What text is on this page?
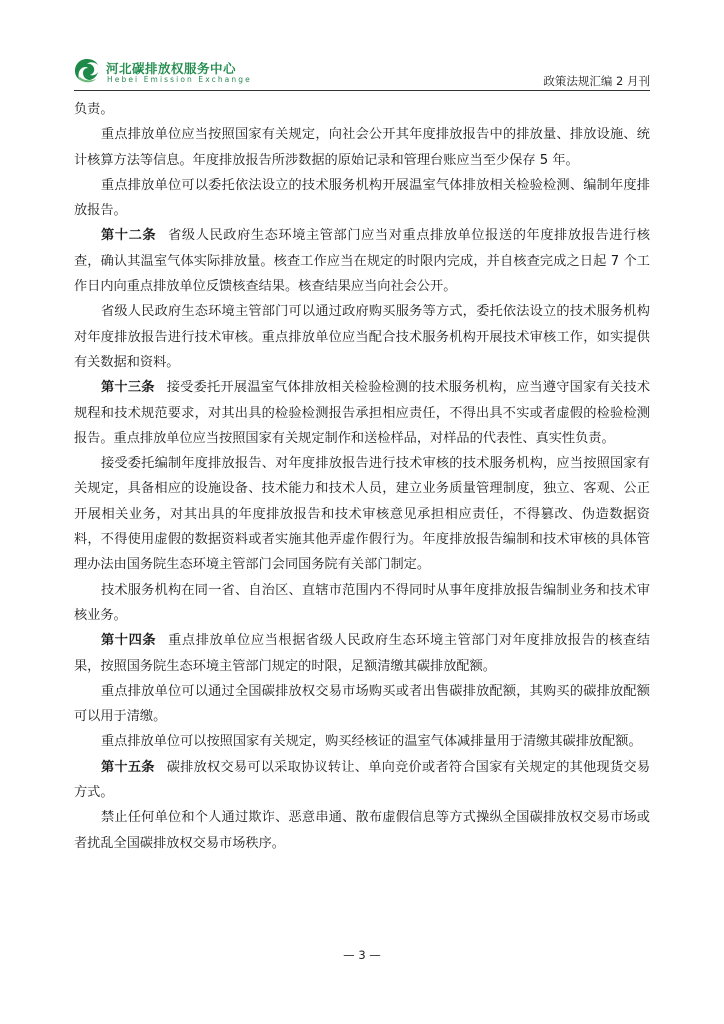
河北碳排放权服务中心
Hebei Emission Exchange	政策法规汇编 2 月刊

负责。

重点排放单位应当按照国家有关规定，向社会公开其年度排放报告中的排放量、排放设施、统计核算方法等信息。年度排放报告所涉数据的原始记录和管理台账应当至少保存 5 年。

重点排放单位可以委托依法设立的技术服务机构开展温室气体排放相关检验检测、编制年度排放报告。

第十二条 省级人民政府生态环境主管部门应当对重点排放单位报送的年度排放报告进行核查，确认其温室气体实际排放量。核查工作应当在规定的时限内完成，并自核查完成之日起 7 个工作日内向重点排放单位反馈核查结果。核查结果应当向社会公开。

省级人民政府生态环境主管部门可以通过政府购买服务等方式，委托依法设立的技术服务机构对年度排放报告进行技术审核。重点排放单位应当配合技术服务机构开展技术审核工作，如实提供有关数据和资料。

第十三条 接受委托开展温室气体排放相关检验检测的技术服务机构，应当遵守国家有关技术规程和技术规范要求，对其出具的检验检测报告承担相应责任，不得出具不实或者虚假的检验检测报告。重点排放单位应当按照国家有关规定制作和送检样品，对样品的代表性、真实性负责。

接受委托编制年度排放报告、对年度排放报告进行技术审核的技术服务机构，应当按照国家有关规定，具备相应的设施设备、技术能力和技术人员，建立业务质量管理制度，独立、客观、公正开展相关业务，对其出具的年度排放报告和技术审核意见承担相应责任，不得篡改、伪造数据资料，不得使用虚假的数据资料或者实施其他弄虚作假行为。年度排放报告编制和技术审核的具体管理办法由国务院生态环境主管部门会同国务院有关部门制定。

技术服务机构在同一省、自治区、直辖市范围内不得同时从事年度排放报告编制业务和技术审核业务。

第十四条 重点排放单位应当根据省级人民政府生态环境主管部门对年度排放报告的核查结果，按照国务院生态环境主管部门规定的时限，足额清缴其碳排放配额。

重点排放单位可以通过全国碳排放权交易市场购买或者出售碳排放配额，其购买的碳排放配额可以用于清缴。

重点排放单位可以按照国家有关规定，购买经核证的温室气体减排量用于清缴其碳排放配额。

第十五条 碳排放权交易可以采取协议转让、单向竞价或者符合国家有关规定的其他现货交易方式。

禁止任何单位和个人通过欺诈、恶意串通、散布虚假信息等方式操纵全国碳排放权交易市场或者扰乱全国碳排放权交易市场秩序。

— 3 —
